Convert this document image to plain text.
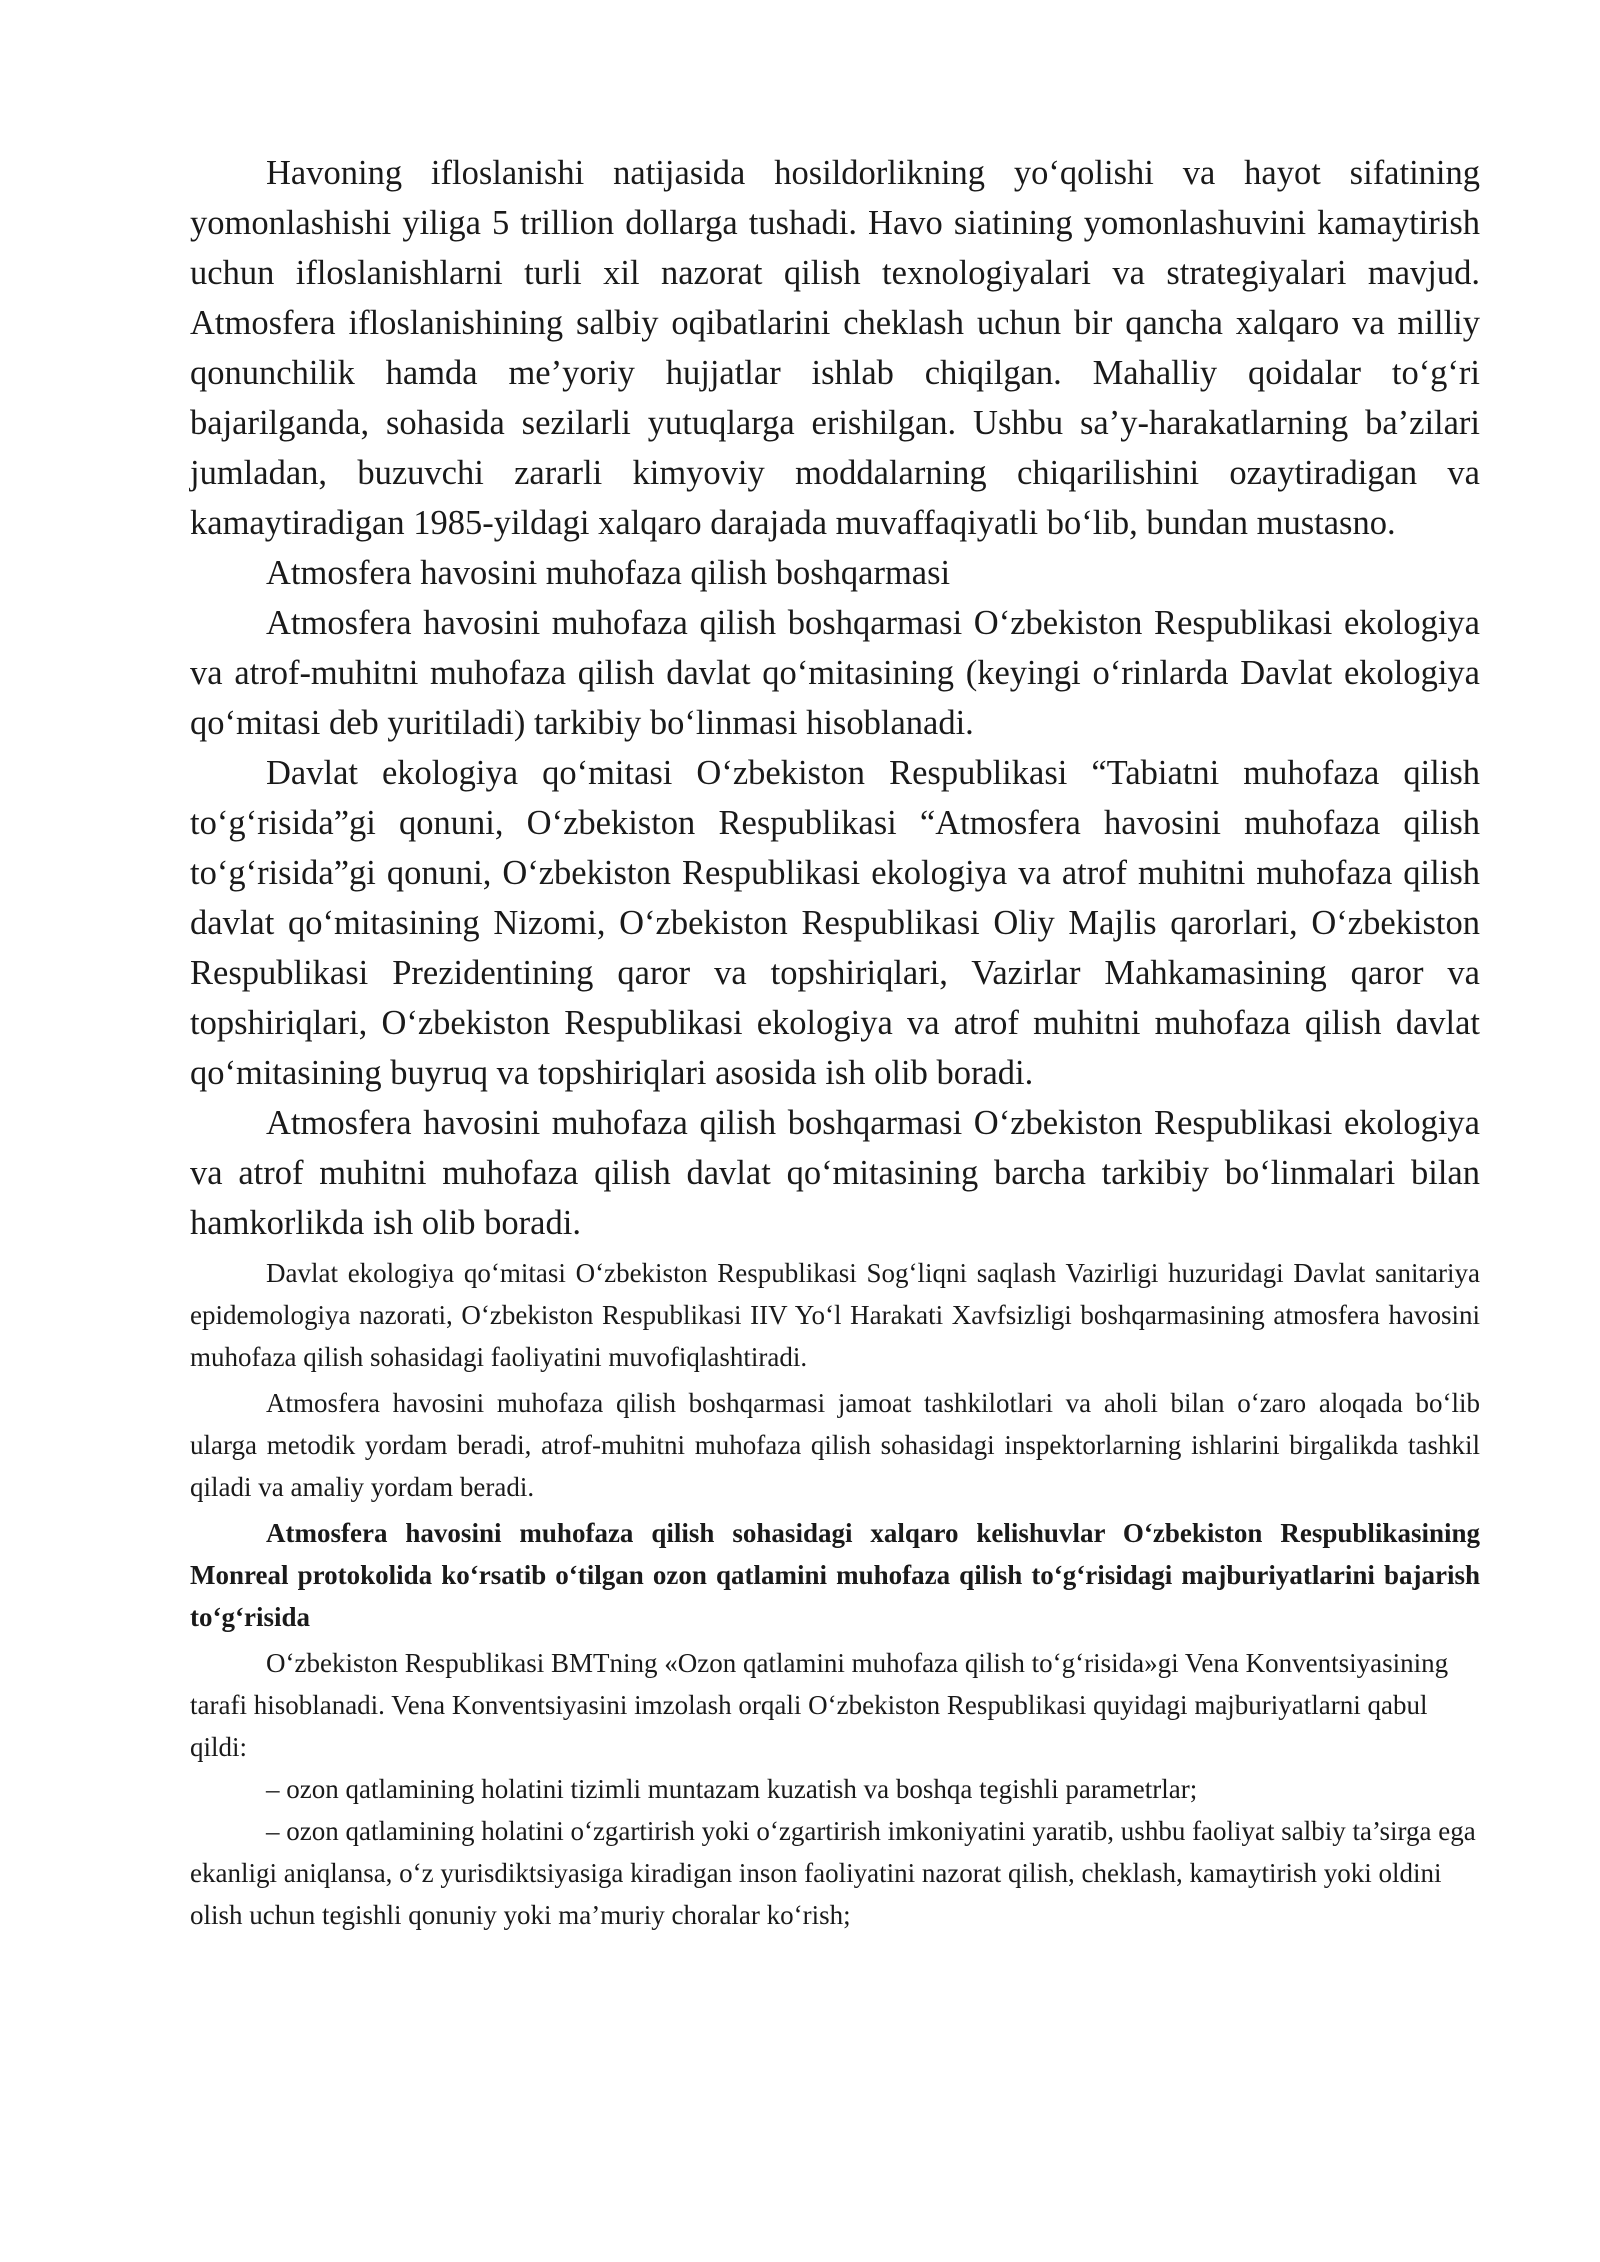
Havoning ifloslanishi natijasida hosildorlikning yo‘qolishi va hayot sifatining yomonlashishi yiliga 5 trillion dollarga tushadi. Havo siatining yomonlashuvini kamaytirish uchun ifloslanishlarni turli xil nazorat qilish texnologiyalari va strategiyalari mavjud. Atmosfera ifloslanishining salbiy oqibatlarini cheklash uchun bir qancha xalqaro va milliy qonunchilik hamda me’yoriy hujjatlar ishlab chiqilgan. Mahalliy qoidalar to‘g‘ri bajarilganda, sohasida sezilarli yutuqlarga erishilgan. Ushbu sa’y-harakatlarning ba’zilari jumladan, buzuvchi zararli kimyoviy moddalarning chiqarilishini ozaytiradigan va kamaytiradigan 1985-yildagi xalqaro darajada muvaffaqiyatli bo‘lib, bundan mustasno.

Atmosfera havosini muhofaza qilish boshqarmasi

Atmosfera havosini muhofaza qilish boshqarmasi O‘zbekiston Respublikasi ekologiya va atrof-muhitni muhofaza qilish davlat qo‘mitasining (keyingi o‘rinlarda Davlat ekologiya qo‘mitasi deb yuritiladi) tarkibiy bo‘linmasi hisoblanadi.

Davlat ekologiya qo‘mitasi O‘zbekiston Respublikasi “Tabiatni muhofaza qilish to‘g‘risida”gi qonuni, O‘zbekiston Respublikasi “Atmosfera havosini muhofaza qilish to‘g‘risida”gi qonuni, O‘zbekiston Respublikasi ekologiya va atrof muhitni muhofaza qilish davlat qo‘mitasining Nizomi, O‘zbekiston Respublikasi Oliy Majlis qarorlari, O‘zbekiston Respublikasi Prezidentining qaror va topshiriqlari, Vazirlar Mahkamasining qaror va topshiriqlari, O‘zbekiston Respublikasi ekologiya va atrof muhitni muhofaza qilish davlat qo‘mitasining buyruq va topshiriqlari asosida ish olib boradi.

Atmosfera havosini muhofaza qilish boshqarmasi O‘zbekiston Respublikasi ekologiya va atrof muhitni muhofaza qilish davlat qo‘mitasining barcha tarkibiy bo‘linmalari bilan hamkorlikda ish olib boradi.

Davlat ekologiya qo‘mitasi O‘zbekiston Respublikasi Sog‘liqni saqlash Vazirligi huzuridagi Davlat sanitariya epidemologiya nazorati, O‘zbekiston Respublikasi IIV Yo‘l Harakati Xavfsizligi boshqarmasining atmosfera havosini muhofaza qilish sohasidagi faoliyatini muvofiqlashtiradi.

Atmosfera havosini muhofaza qilish boshqarmasi jamoat tashkilotlari va aholi bilan o‘zaro aloqada bo‘lib ularga metodik yordam beradi, atrof-muhitni muhofaza qilish sohasidagi inspektorlarning ishlarini birgalikda tashkil qiladi va amaliy yordam beradi.

Atmosfera havosini muhofaza qilish sohasidagi xalqaro kelishuvlar O‘zbekiston Respublikasining Monreal protokolida ko‘rsatib o‘tilgan ozon qatlamini muhofaza qilish to‘g‘risidagi majburiyatlarini bajarish to‘g‘risida

O‘zbekiston Respublikasi BMTning «Ozon qatlamini muhofaza qilish to‘g‘risida»gi Vena Konventsiyasining tarafi hisoblanadi. Vena Konventsiyasini imzolash orqali O‘zbekiston Respublikasi quyidagi majburiyatlarni qabul qildi:

– ozon qatlamining holatini tizimli muntazam kuzatish va boshqa tegishli parametrlar;

– ozon qatlamining holatini o‘zgartirish yoki o‘zgartirish imkoniyatini yaratib, ushbu faoliyat salbiy ta’sirga ega ekanligi aniqlansa, o‘z yurisdiktsiyasiga kiradigan inson faoliyatini nazorat qilish, cheklash, kamaytirish yoki oldini olish uchun tegishli qonuniy yoki ma’muriy choralar ko‘rish;
